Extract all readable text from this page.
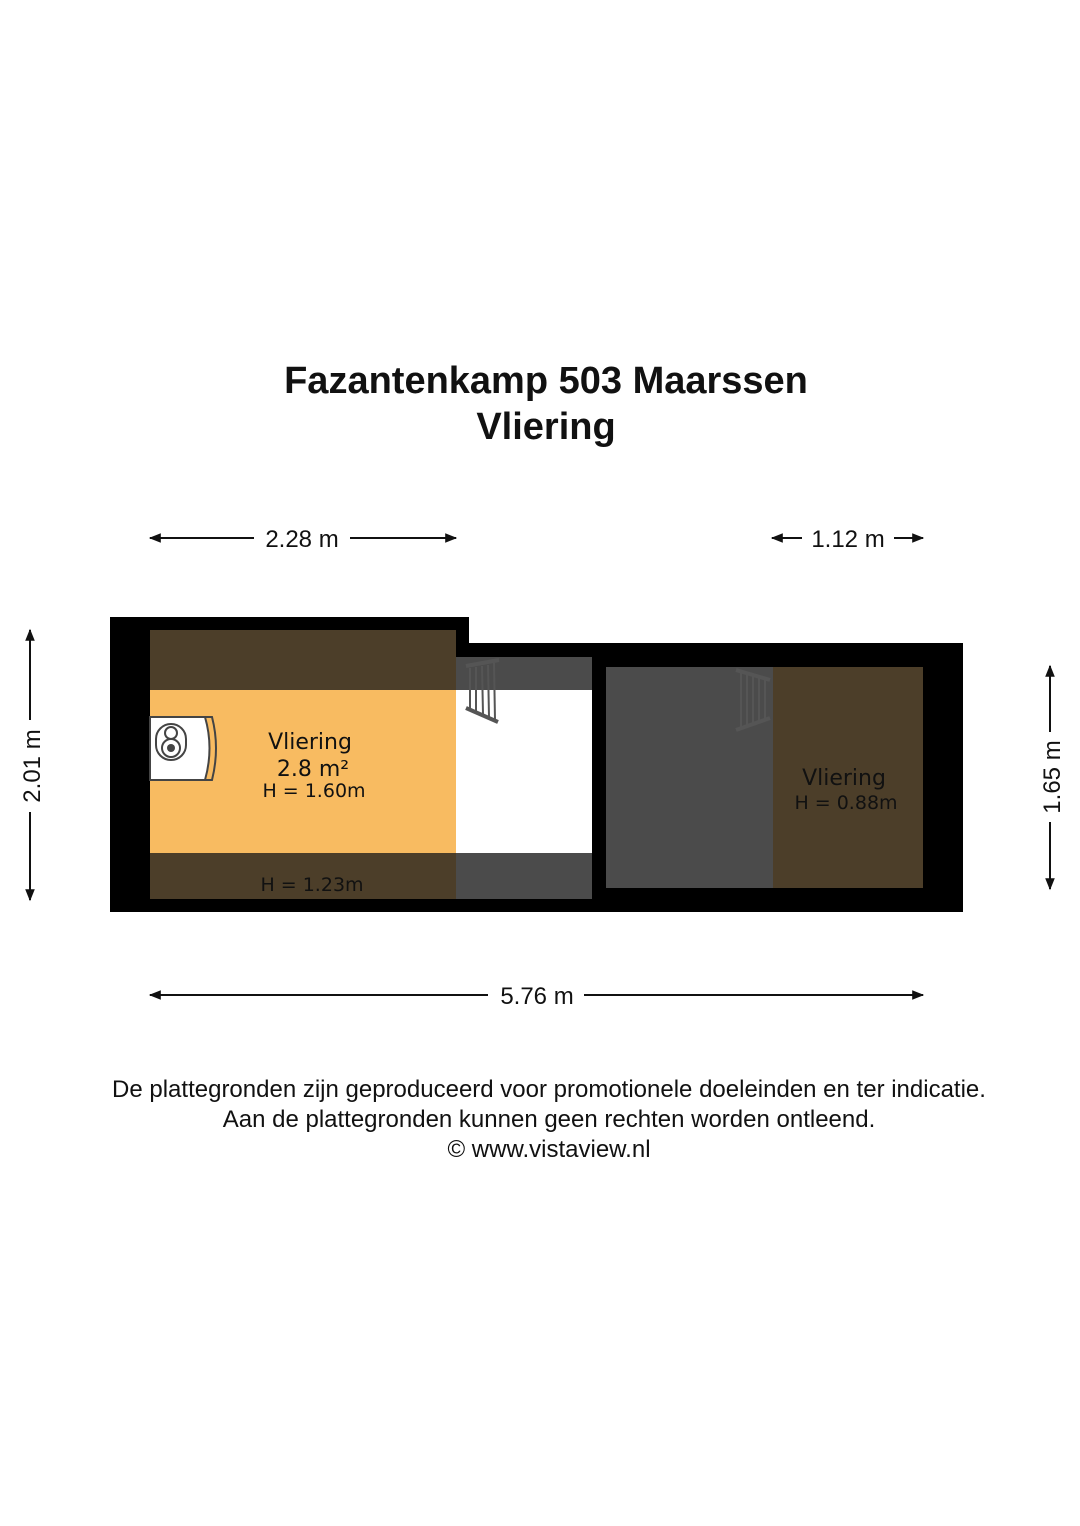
Fazantenkamp 503 Maarssen
Vliering
2.28 m	1.12 m
2.01 m	1.65 m
5.76 m
Vliering
2.8 m²
H = 1.60m
H = 1.23m
Vliering
H = 0.88m

De plattegronden zijn geproduceerd voor promotionele doeleinden en ter indicatie.

Aan de plattegronden kunnen geen rechten worden ontleend.

© www.vistaview.nl
